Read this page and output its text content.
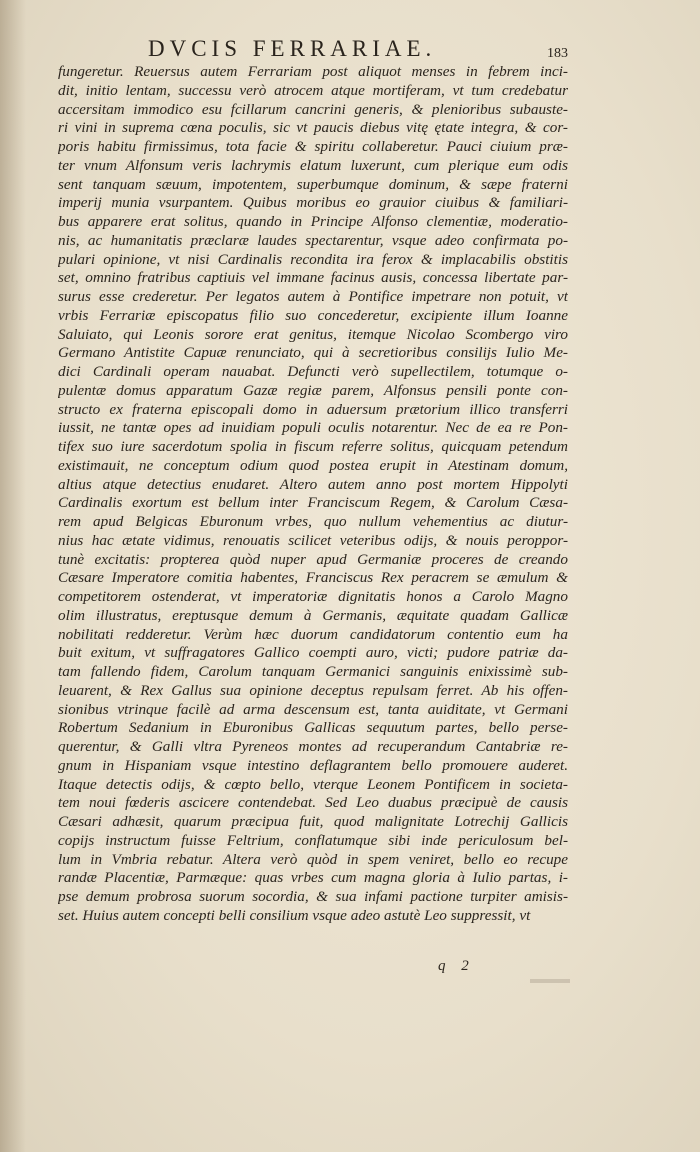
DVCIS FERRARIAE.	183
fungeretur. Reuersus autem Ferrariam post aliquot menses in febrem inci-
dit, initio lentam, successu verò atrocem atque mortiferam, vt tum credebatur
accersitam immodico esu fcillarum cancrini generis, & plenioribus subauste-
ri vini in suprema cœna poculis, sic vt paucis diebus vitę ętate integra, & cor-
poris habitu firmissimus, tota facie & spiritu collaberetur. Pauci ciuium præ-
ter vnum Alfonsum veris lachrymis elatum luxerunt, cum plerique eum odis
sent tanquam sæuum, impotentem, superbumque dominum, & sæpe fraterni
imperij munia vsurpantem. Quibus moribus eo grauior ciuibus & familiari-
bus apparere erat solitus, quando in Principe Alfonso clementiæ, moderatio-
nis, ac humanitatis præclaræ laudes spectarentur, vsque adeo confirmata po-
pulari opinione, vt nisi Cardinalis recondita ira ferox & implacabilis obstitis
set, omnino fratribus captiuis vel immane facinus ausis, concessa libertate par-
surus esse crederetur. Per legatos autem à Pontifice impetrare non potuit, vt
vrbis Ferrariæ episcopatus filio suo concederetur, excipiente illum Ioanne
Saluiato, qui Leonis sorore erat genitus, itemque Nicolao Scombergo viro
Germano Antistite Capuæ renunciato, qui à secretioribus consilijs Iulio Me-
dici Cardinali operam nauabat. Defuncti verò supellectilem, totumque o-
pulentæ domus apparatum Gazæ regiæ parem, Alfonsus pensili ponte con-
structo ex fraterna episcopali domo in aduersum prætorium illico transferri
iussit, ne tantæ opes ad inuidiam populi oculis notarentur. Nec de ea re Pon-
tifex suo iure sacerdotum spolia in fiscum referre solitus, quicquam petendum
existimauit, ne conceptum odium quod postea erupit in Atestinam domum,
altius atque detectius enudaret. Altero autem anno post mortem Hippolyti
Cardinalis exortum est bellum inter Franciscum Regem, & Carolum Cæsa-
rem apud Belgicas Eburonum vrbes, quo nullum vehementius ac diutur-
nius hac ætate vidimus, renouatis scilicet veteribus odijs, & nouis peroppor-
tunè excitatis: propterea quòd nuper apud Germaniæ proceres de creando
Cæsare Imperatore comitia habentes, Franciscus Rex peracrem se æmulum &
competitorem ostenderat, vt imperatoriæ dignitatis honos a Carolo Magno
olim illustratus, ereptusque demum à Germanis, æquitate quadam Gallicæ
nobilitati redderetur. Verùm hæc duorum candidatorum contentio eum ha
buit exitum, vt suffragatores Gallico coempti auro, victi; pudore patriæ da-
tam fallendo fidem, Carolum tanquam Germanici sanguinis enixissimè sub-
leuarent, & Rex Gallus sua opinione deceptus repulsam ferret. Ab his offen-
sionibus vtrinque facilè ad arma descensum est, tanta auiditate, vt Germani
Robertum Sedanium in Eburonibus Gallicas sequutum partes, bello perse-
querentur, & Galli vltra Pyreneos montes ad recuperandum Cantabriæ re-
gnum in Hispaniam vsque intestino deflagrantem bello promouere auderet.
Itaque detectis odijs, & cœpto bello, vterque Leonem Pontificem in societa-
tem noui fœderis ascicere contendebat. Sed Leo duabus præcipuè de causis
Cæsari adhæsit, quarum præcipua fuit, quod malignitate Lotrechij Gallicis
copijs instructum fuisse Feltrium, conflatumque sibi inde periculosum bel-
lum in Vmbria rebatur. Altera verò quòd in spem veniret, bello eo recupe
randæ Placentiæ, Parmæque: quas vrbes cum magna gloria à Iulio partas, i-
pse demum probrosa suorum socordia, & sua infami pactione turpiter amisis-
set. Huius autem concepti belli consilium vsque adeo astutè Leo suppressit, vt
q 2
